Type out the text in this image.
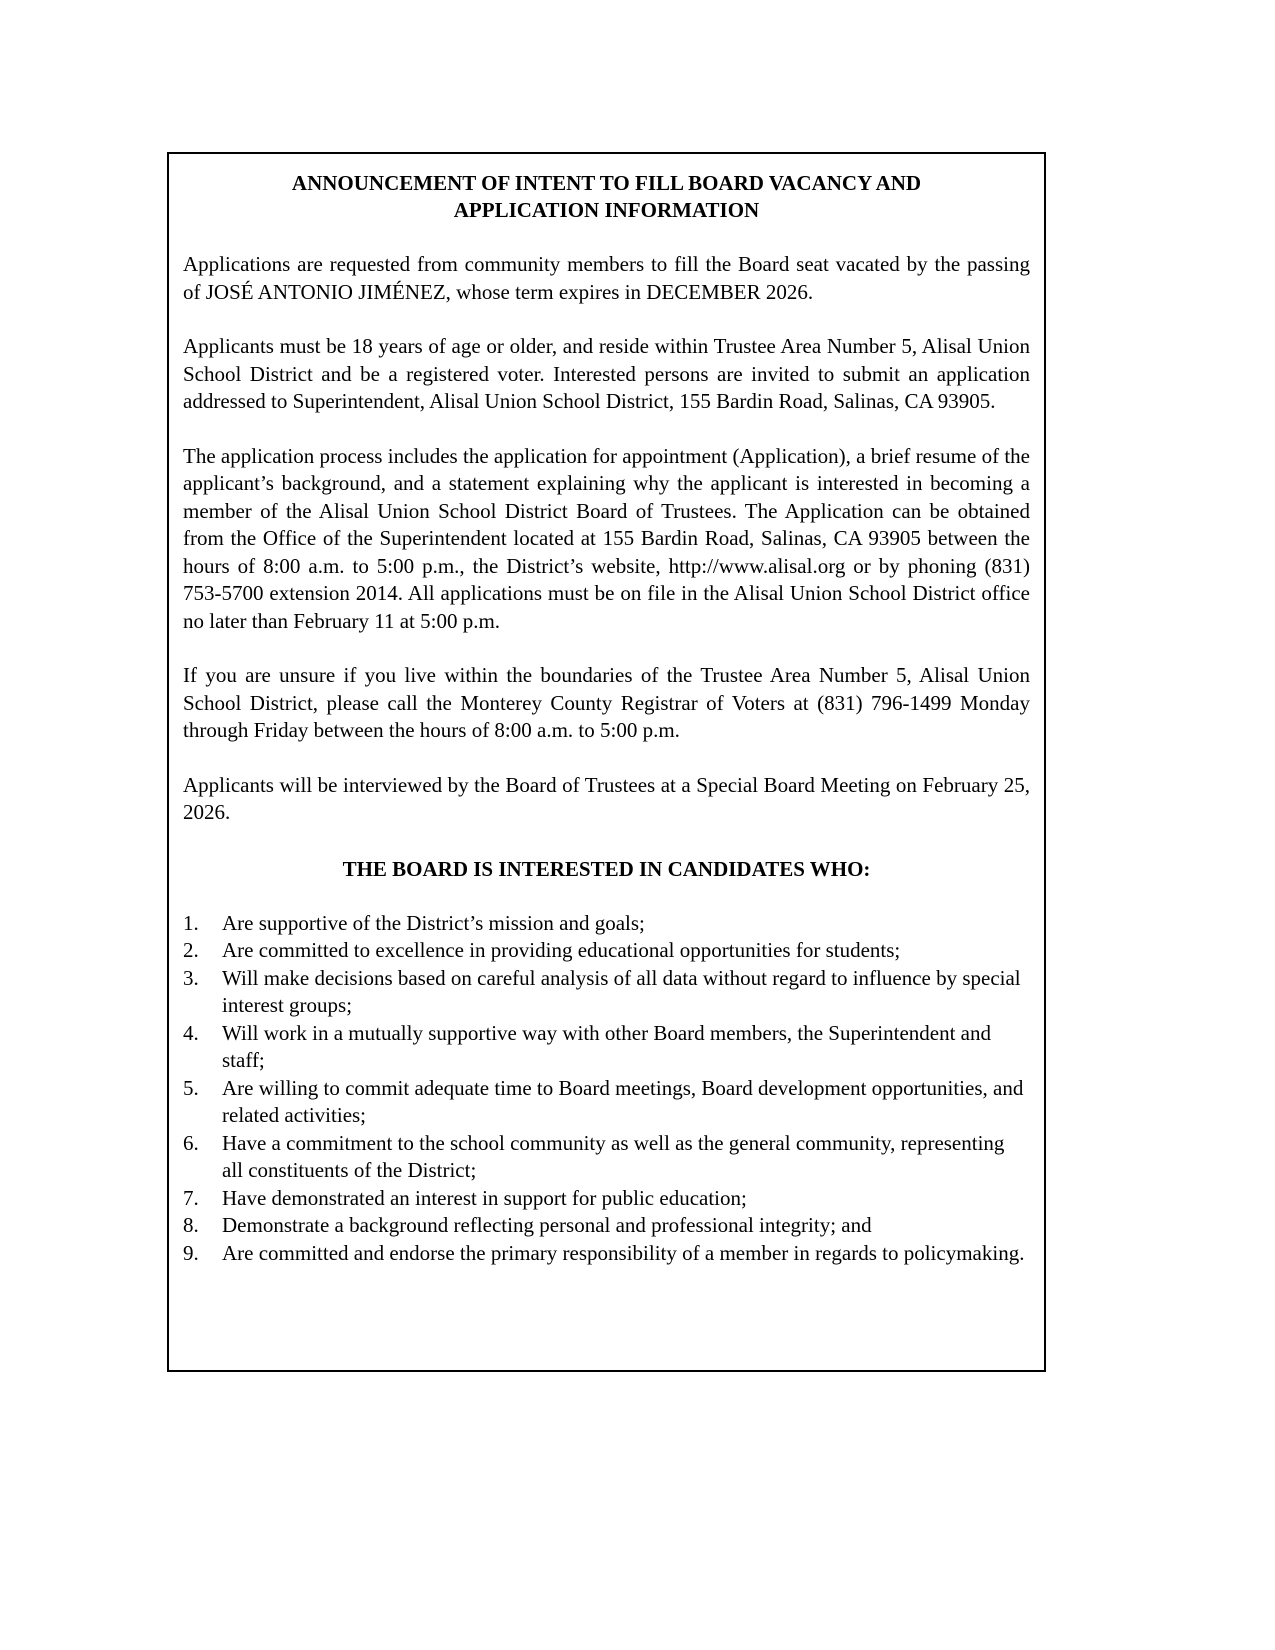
ANNOUNCEMENT OF INTENT TO FILL BOARD VACANCY AND
APPLICATION INFORMATION

Applications are requested from community members to fill the Board seat vacated by the passing of JOSÉ ANTONIO JIMÉNEZ, whose term expires in DECEMBER 2026.

Applicants must be 18 years of age or older, and reside within Trustee Area Number 5, Alisal Union School District and be a registered voter. Interested persons are invited to submit an application addressed to Superintendent, Alisal Union School District, 155 Bardin Road, Salinas, CA 93905.

The application process includes the application for appointment (Application), a brief resume of the applicant’s background, and a statement explaining why the applicant is interested in becoming a member of the Alisal Union School District Board of Trustees. The Application can be obtained from the Office of the Superintendent located at 155 Bardin Road, Salinas, CA 93905 between the hours of 8:00 a.m. to 5:00 p.m., the District’s website, http://www.alisal.org or by phoning (831) 753-5700 extension 2014. All applications must be on file in the Alisal Union School District office no later than February 11 at 5:00 p.m.

If you are unsure if you live within the boundaries of the Trustee Area Number 5, Alisal Union School District, please call the Monterey County Registrar of Voters at (831) 796-1499 Monday through Friday between the hours of 8:00 a.m. to 5:00 p.m.

Applicants will be interviewed by the Board of Trustees at a Special Board Meeting on February 25, 2026.

THE BOARD IS INTERESTED IN CANDIDATES WHO:
1.	Are supportive of the District’s mission and goals;
2.	Are committed to excellence in providing educational opportunities for students;
3.	Will make decisions based on careful analysis of all data without regard to influence by special interest groups;
4.	Will work in a mutually supportive way with other Board members, the Superintendent and staff;
5.	Are willing to commit adequate time to Board meetings, Board development opportunities, and related activities;
6.	Have a commitment to the school community as well as the general community, representing all constituents of the District;
7.	Have demonstrated an interest in support for public education;
8.	Demonstrate a background reflecting personal and professional integrity; and
9.	Are committed and endorse the primary responsibility of a member in regards to policymaking.
